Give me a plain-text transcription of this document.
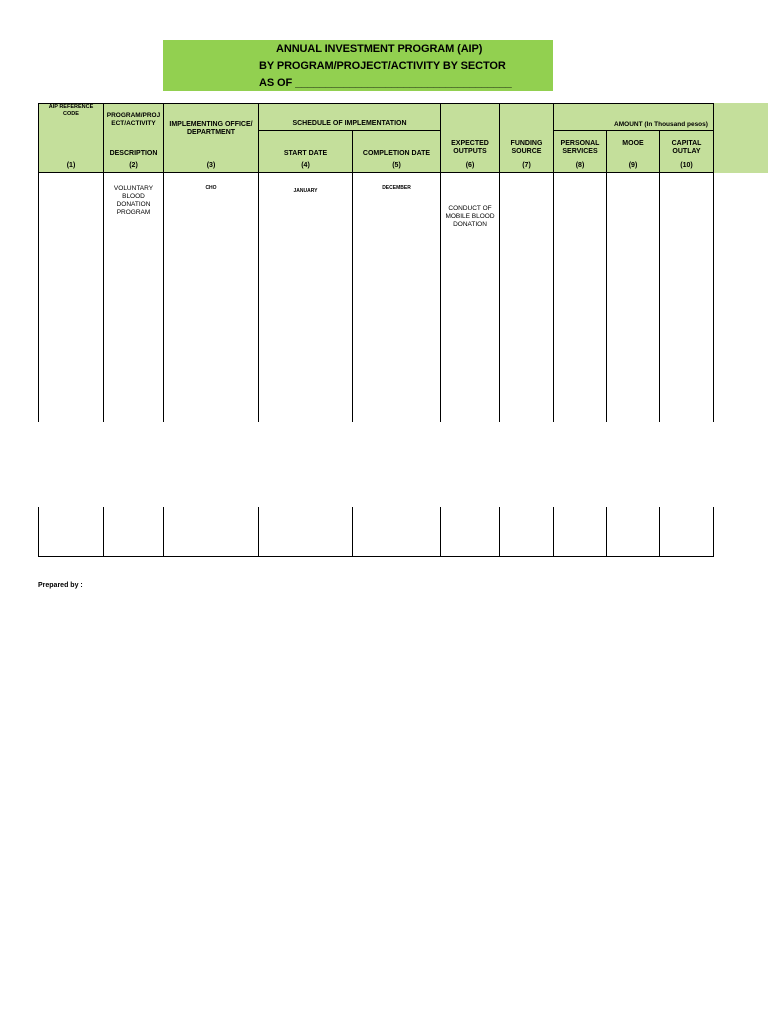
ANNUAL INVESTMENT PROGRAM (AIP)
BY PROGRAM/PROJECT/ACTIVITY BY SECTOR
AS OF ____________________________________
AIP REFERENCE
CODE
(1)
PROGRAM/PROJ
ECT/ACTIVITY
DESCRIPTION
(2)
IMPLEMENTING OFFICE/
DEPARTMENT
(3)
SCHEDULE OF IMPLEMENTATION
START DATE
(4)
COMPLETION DATE
(5)
EXPECTED
OUTPUTS
(6)
FUNDING
SOURCE
(7)
AMOUNT (In Thousand pesos)
PERSONAL
SERVICES
(8)
MOOE
(9)
CAPITAL
OUTLAY
(10)
VOLUNTARY
BLOOD
DONATION
PROGRAM
CHO	JANUARY	DECEMBER
CONDUCT OF
MOBILE BLOOD
DONATION
Prepared by :
